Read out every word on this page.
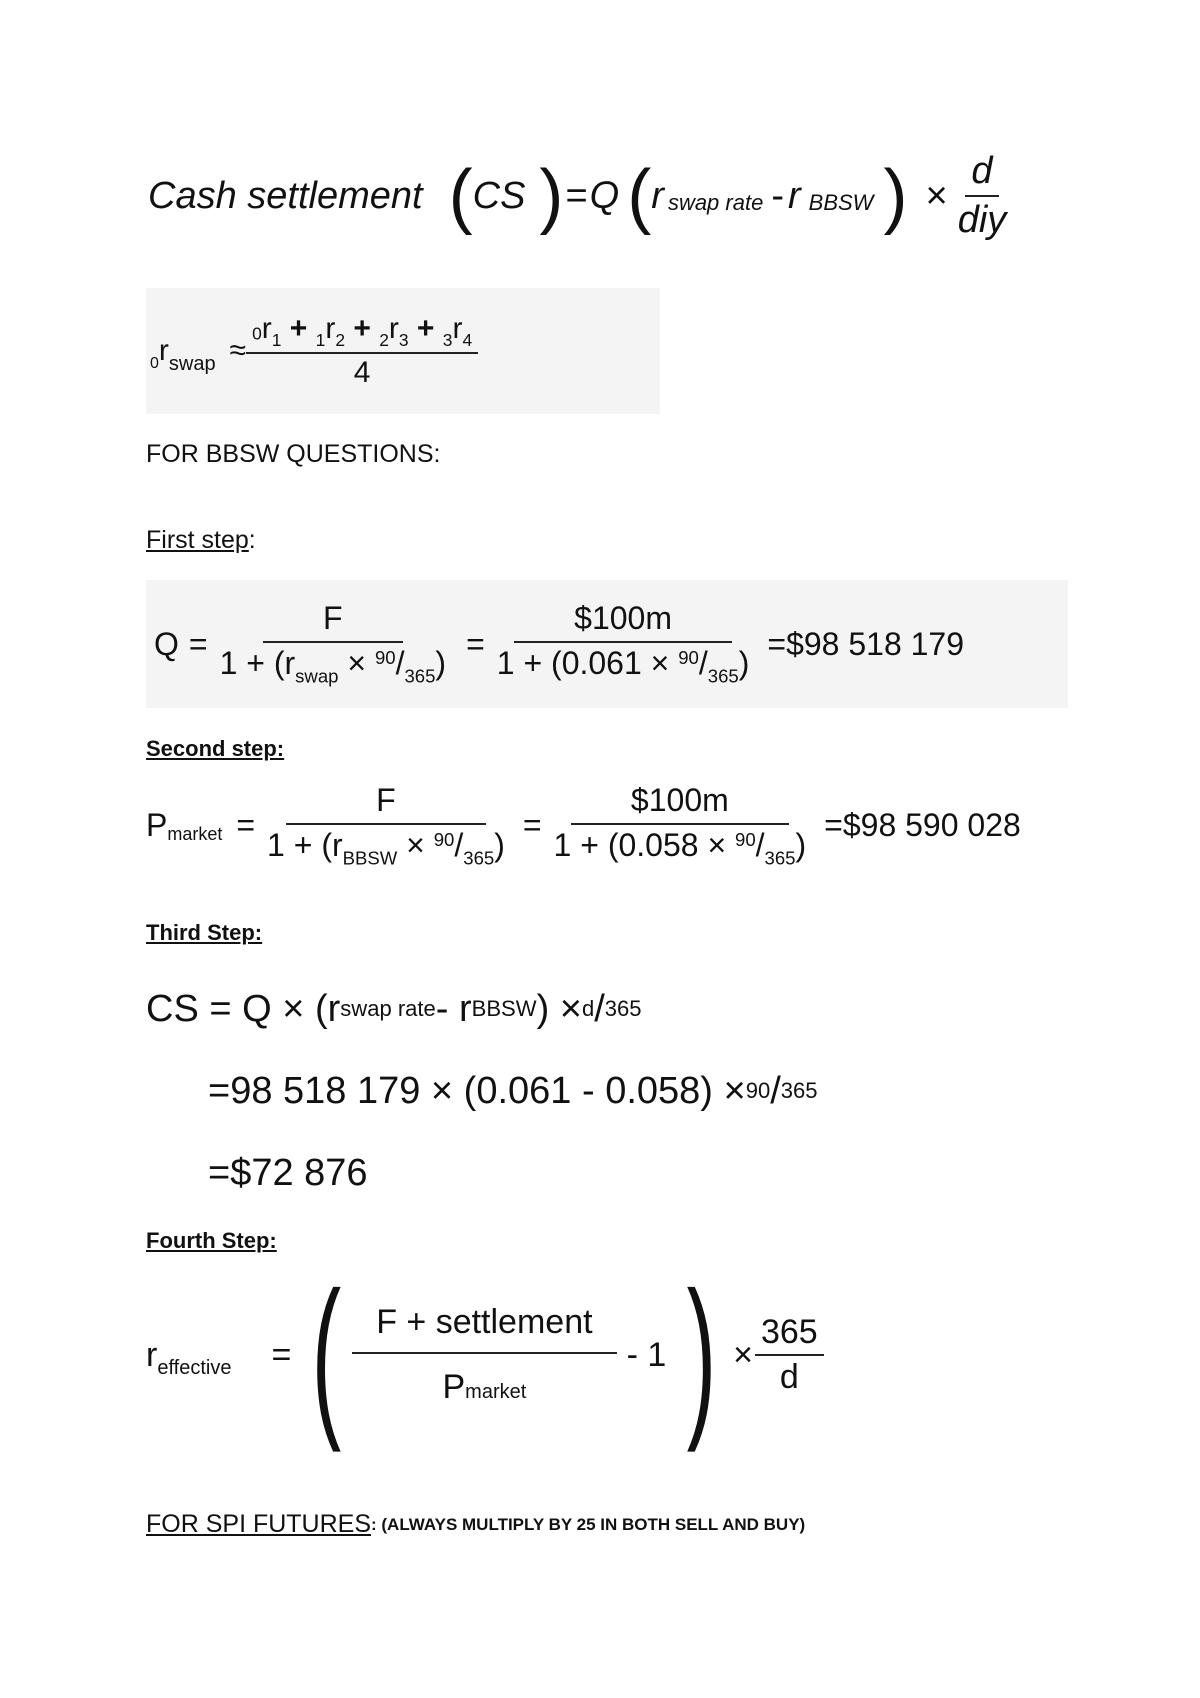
Cash settlement ( CS ) = Q ( r swap rate - r BBSW ) × $\frac{d}{\text{diy}}$
0 r swap ≈ $\frac{0r_1 + _1r_2 + _2r_3 + _3r_4}{4}$
FOR BBSW QUESTIONS:
First step:
$Q = \frac{F}{1 + (r_{swap} \times ^{90}/_{365})} = \frac{\$100m}{1 + (0.061 \times ^{90}/_{365})}$ =$98 518 179
Second step:
P market = $\frac{F}{1 + (r_{BBSW} \times ^{90}/_{365})} = \frac{\$100m}{1 + (0.058 \times ^{90}/_{365})}$ =$98 590 028
Third Step:
CS = Q × (r swap rate - r BBSW ) × d / 365
=98 518 179 × (0.061 - 0.058) × 90 / 365
=$72 876
Fourth Step:
r effective = ( $\frac{\text{F + settlement}}{\text{Pmarket}} - 1$ ) × $\frac{365}{d}$
FOR SPI FUTURES : (ALWAYS MULTIPLY BY 25 IN BOTH SELL AND BUY)
